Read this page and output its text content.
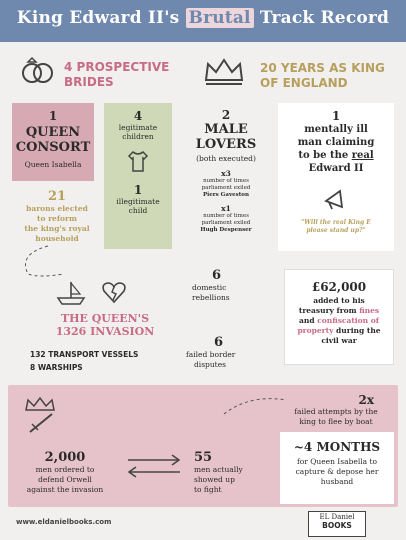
King Edward II's Brutal Track Record
4 PROSPECTIVE
BRIDES
20 YEARS AS KING
OF ENGLAND
1
QUEEN
CONSORT
Queen Isabella
4
legitimate
children
1
illegitimate
child
2
MALE
LOVERS
(both executed)
x3
number of times
parliament exiled
Piers Gaveston
x1
number of times
parliament exiled
Hugh Despenser
1
mentally ill
man claiming
to be the real
Edward II
"Will the real King E
please stand up?"
21
barons elected
to reform
the king's royal
household
THE QUEEN'S
1326 INVASION
132 TRANSPORT VESSELS
8 WARSHIPS
6
domestic
rebellions
6
failed border
disputes
£62,000
added to his
treasury from fines
and confiscation of
property during the
civil war
2,000
men ordered to
defend Orwell
against the invasion
55
men actually
showed up
to fight
2x
failed attempts by the
king to flee by boat
~4 MONTHS
for Queen Isabella to
capture & depose her
husband
www.eldanielbooks.com
EL Daniel
BOOKS
